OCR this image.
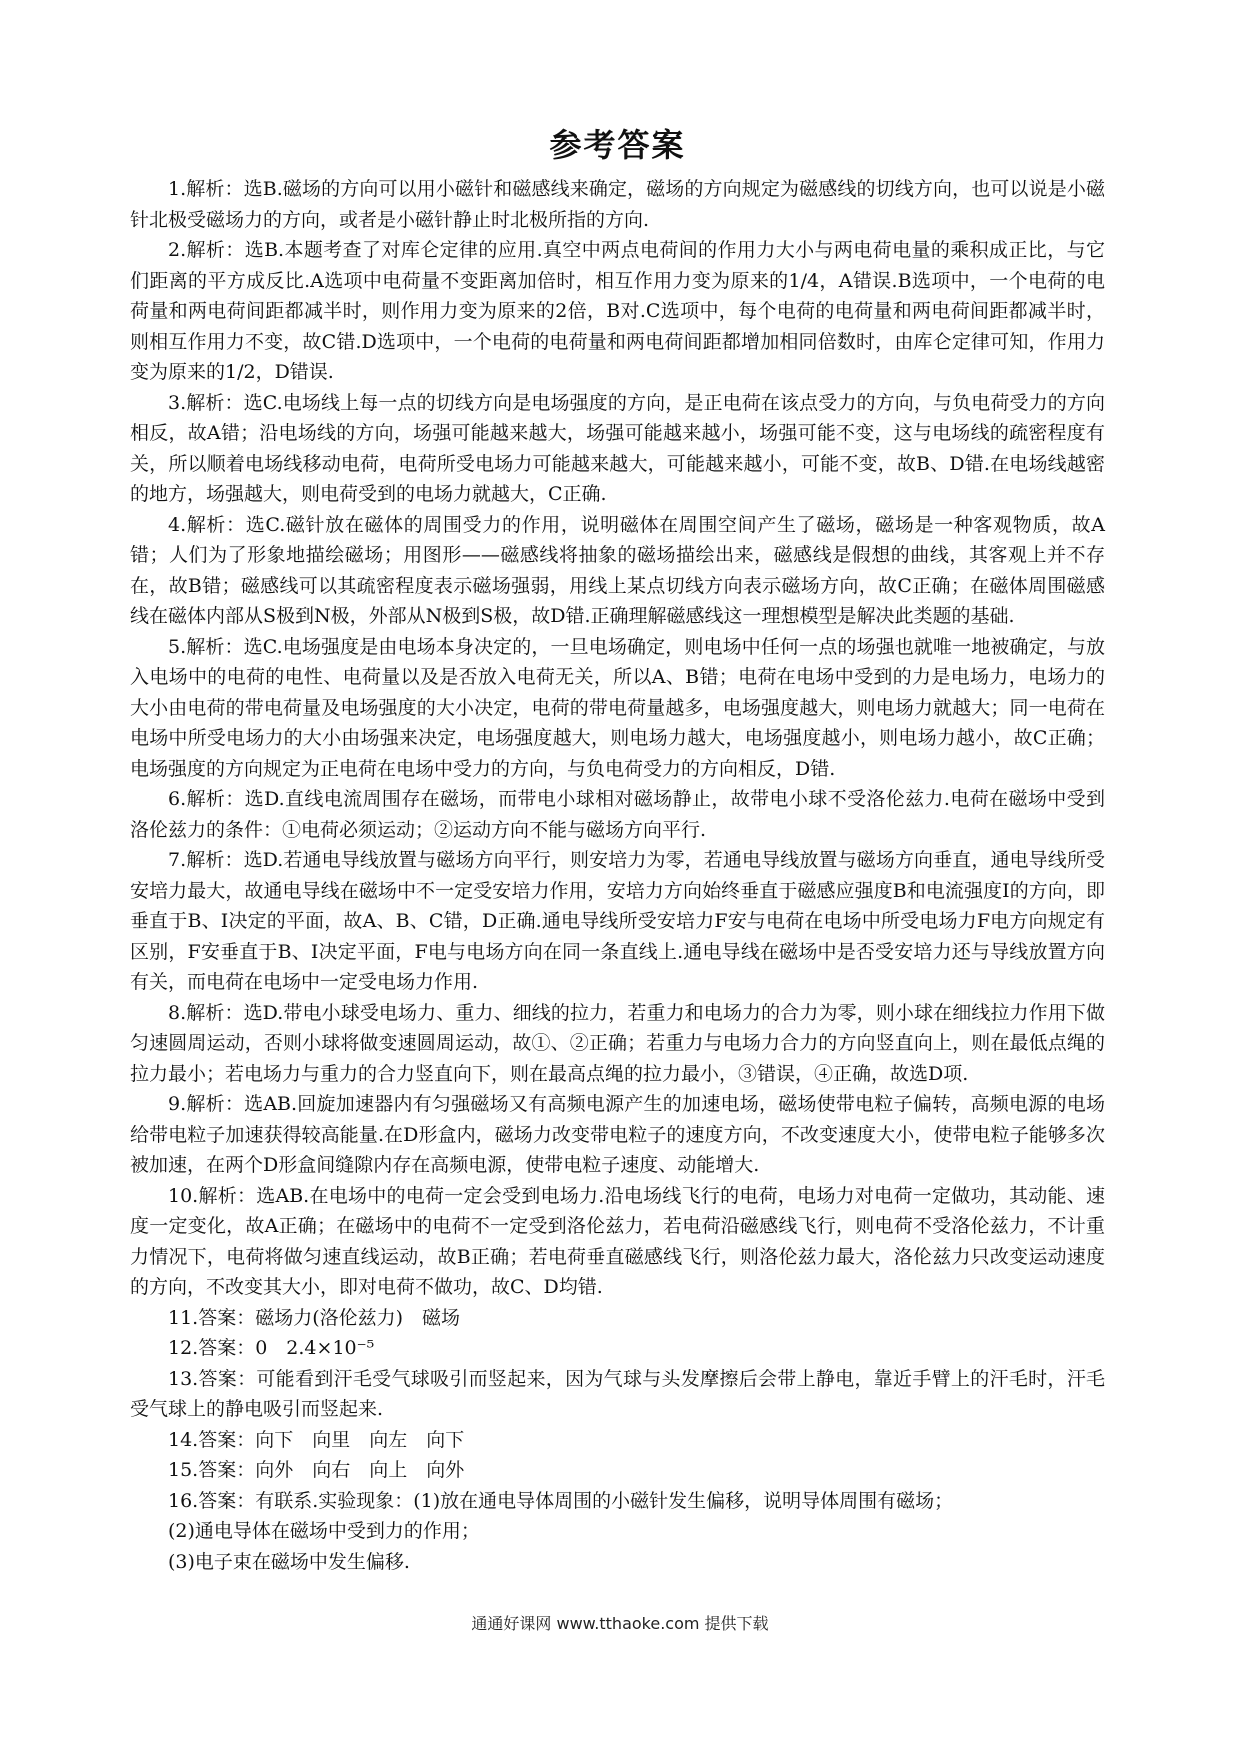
参考答案

1.解析：选B.磁场的方向可以用小磁针和磁感线来确定，磁场的方向规定为磁感线的切线方向，也可以说是小磁针北极受磁场力的方向，或者是小磁针静止时北极所指的方向.

2.解析：选B.本题考查了对库仑定律的应用.真空中两点电荷间的作用力大小与两电荷电量的乘积成正比，与它们距离的平方成反比.A选项中电荷量不变距离加倍时，相互作用力变为原来的1/4，A错误.B选项中，一个电荷的电荷量和两电荷间距都减半时，则作用力变为原来的2倍，B对.C选项中，每个电荷的电荷量和两电荷间距都减半时，则相互作用力不变，故C错.D选项中，一个电荷的电荷量和两电荷间距都增加相同倍数时，由库仑定律可知，作用力变为原来的1/2，D错误.

3.解析：选C.电场线上每一点的切线方向是电场强度的方向，是正电荷在该点受力的方向，与负电荷受力的方向相反，故A错；沿电场线的方向，场强可能越来越大，场强可能越来越小，场强可能不变，这与电场线的疏密程度有关，所以顺着电场线移动电荷，电荷所受电场力可能越来越大，可能越来越小，可能不变，故B、D错.在电场线越密的地方，场强越大，则电荷受到的电场力就越大，C正确.

4.解析：选C.磁针放在磁体的周围受力的作用，说明磁体在周围空间产生了磁场，磁场是一种客观物质，故A错；人们为了形象地描绘磁场；用图形——磁感线将抽象的磁场描绘出来，磁感线是假想的曲线，其客观上并不存在，故B错；磁感线可以其疏密程度表示磁场强弱，用线上某点切线方向表示磁场方向，故C正确；在磁体周围磁感线在磁体内部从S极到N极，外部从N极到S极，故D错.正确理解磁感线这一理想模型是解决此类题的基础.

5.解析：选C.电场强度是由电场本身决定的，一旦电场确定，则电场中任何一点的场强也就唯一地被确定，与放入电场中的电荷的电性、电荷量以及是否放入电荷无关，所以A、B错；电荷在电场中受到的力是电场力，电场力的大小由电荷的带电荷量及电场强度的大小决定，电荷的带电荷量越多，电场强度越大，则电场力就越大；同一电荷在电场中所受电场力的大小由场强来决定，电场强度越大，则电场力越大，电场强度越小，则电场力越小，故C正确；电场强度的方向规定为正电荷在电场中受力的方向，与负电荷受力的方向相反，D错.

6.解析：选D.直线电流周围存在磁场，而带电小球相对磁场静止，故带电小球不受洛伦兹力.电荷在磁场中受到洛伦兹力的条件：①电荷必须运动；②运动方向不能与磁场方向平行.

7.解析：选D.若通电导线放置与磁场方向平行，则安培力为零，若通电导线放置与磁场方向垂直，通电导线所受安培力最大，故通电导线在磁场中不一定受安培力作用，安培力方向始终垂直于磁感应强度B和电流强度I的方向，即垂直于B、I决定的平面，故A、B、C错，D正确.通电导线所受安培力F安与电荷在电场中所受电场力F电方向规定有区别，F安垂直于B、I决定平面，F电与电场方向在同一条直线上.通电导线在磁场中是否受安培力还与导线放置方向有关，而电荷在电场中一定受电场力作用.

8.解析：选D.带电小球受电场力、重力、细线的拉力，若重力和电场力的合力为零，则小球在细线拉力作用下做匀速圆周运动，否则小球将做变速圆周运动，故①、②正确；若重力与电场力合力的方向竖直向上，则在最低点绳的拉力最小；若电场力与重力的合力竖直向下，则在最高点绳的拉力最小，③错误，④正确，故选D项.

9.解析：选AB.回旋加速器内有匀强磁场又有高频电源产生的加速电场，磁场使带电粒子偏转，高频电源的电场给带电粒子加速获得较高能量.在D形盒内，磁场力改变带电粒子的速度方向，不改变速度大小，使带电粒子能够多次被加速，在两个D形盒间缝隙内存在高频电源，使带电粒子速度、动能增大.

10.解析：选AB.在电场中的电荷一定会受到电场力.沿电场线飞行的电荷，电场力对电荷一定做功，其动能、速度一定变化，故A正确；在磁场中的电荷不一定受到洛伦兹力，若电荷沿磁感线飞行，则电荷不受洛伦兹力，不计重力情况下，电荷将做匀速直线运动，故B正确；若电荷垂直磁感线飞行，则洛伦兹力最大，洛伦兹力只改变运动速度的方向，不改变其大小，即对电荷不做功，故C、D均错.

11.答案：磁场力(洛伦兹力)　磁场

12.答案：0　2.4×10⁻⁵

13.答案：可能看到汗毛受气球吸引而竖起来，因为气球与头发摩擦后会带上静电，靠近手臂上的汗毛时，汗毛受气球上的静电吸引而竖起来.

14.答案：向下　向里　向左　向下

15.答案：向外　向右　向上　向外

16.答案：有联系.实验现象：(1)放在通电导体周围的小磁针发生偏移，说明导体周围有磁场；

(2)通电导体在磁场中受到力的作用；

(3)电子束在磁场中发生偏移.

通通好课网 www.tthaoke.com 提供下载
